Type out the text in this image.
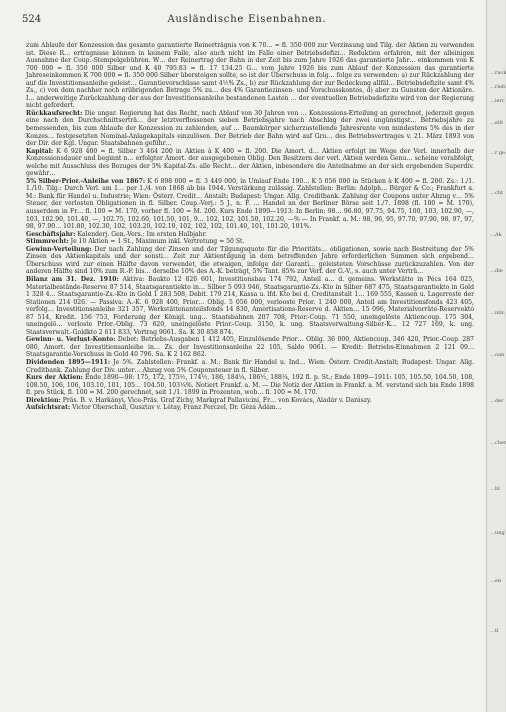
524	Ausländische Eisenbahnen.

zum Ablaufe der Konzession das gesamte garantierte Reinerträgnis von K 70… = fl. 350 000 zur Verzinsung und Tilg. der Aktien zu verwenden ist. Diese R… ertragnisse können in keinem Falle, also auch nicht im Falle einer Betriebsdefizi… Reduktion erfahren, mit der alleinigen Ausnahme der Coup.-Stempelgebühren. W… der Reinertrag der Bahn in der Zeit bis zum Jahre 1926 das garantierte Jahr… einkommen von K 700 000 = fl. 350 000 Silber und K 40 795.83 = fl. 17 134.25 G… vom Jahre 1926 bis zum Ablauf der Konzession das garantierte Jahreseinkommen K 700 000 = fl. 350 000 Silber übersteigen sollte, so ist der Überschuss in folg… folge zu verwenden: a) zur Rückzahlung der auf die Investitionsanleihe geleist… Garantievorschüsse samt 4½% Zs., b) zur Rückzahlung der zur Bedeckung allfäl… Betriebsdefizite samt 4% Zs., c) von dem nachher noch erübrigenden Betrage 5% zu… des 4% Garantiezinsen- und Vorschusskontos, d) aber zu Gunsten der Aktionäre. I… anderweitige Zurückzahlung der aus der Investitionsanleihe bestandenen Lasten … der eventuellen Betriebsdefizite wird von der Regierung nicht gefordert.

Rückkaufsrecht: Die ungar. Regierung hat das Recht, nach Ablauf von 30 Jahren von … Konzessions-Erteilung an gerechnet, jederzeit gegen eine nach den Durchschnittserträ… der letztverflossenen sieben Betriebsjahre nach Abschlag der zwei ungünstigst… Betriebsjahre zu bemessenden, bis zum Ablaufe der Konzession zu zahlenden, auf … Baumkörper sicherzustellende Jahresrente von mindestens 5% des in der Konzes… festgesetzten Nominal-Anlagekapitals einzulösen. Der Betrieb der Bahn wird auf Gru… des Betriebsvertrages v. 21. März 1893 von der Dir. der Kgl. Ungar. Staatsbahnen geführ…

Kapital: K 6 928 400 = fl. Silber 3 464 200 in Aktien à K 400 = fl. 200. Die Amort. d… Aktien erfolgt im Wege der Verl. innerhalb der Konzessionsdauer und beginnt n… erfolgter Amort. der ausgegebenen Oblig. Den Besitzern der verl. Aktien werden Genu… scheine verabfolgt, welche mit Ausschluss des Bezuges der 5% Kapital-Zs. alle Recht… der Aktien, inbesondere die Anteilnahme an der sich ergebenden Superdiv. gewähr…

5% Silber-Prior.-Anleihe von 1867: K 6 898 000 = fl. 3 449 000, in Umlauf Ende 190… K 5 056 000 in Stücken à K 400 = fl. 200. Zs.: 1./1. 1./10. Tilg.: Durch Verl. am 1… per 1./4. von 1868 ab bis 1944. Verstärkung zulässig. Zahlstellen: Berlin: Adolph… Bürger & Co.; Frankfurt a. M.: Bank für Handel u. Industrie; Wien: Österr. Credit… Anstalt; Budapest: Ungar. Allg. Creditbank. Zahlung der Coupons unter Abzug v… 5% Steuer, der verlosten Obligationen in fl. Silber. Coup.-Verj.: 5 J., n. F. … Handel an der Berliner Börse seit 1./7. 1898 (fl. 100 = M. 170), ausserdem in Fr… fl. 100 = M. 170, vorher fl. 100 = M. 200. Kurs Ende 1899—1913: In Berlin: 98… 96.80, 97.75, 94.75, 100, 103, 102.90, —, 103, 102.90, 101.40, —, 102.75, 102.60, 101.50, 101, 9… 102, 102, 101.50, 102.20, —% — In Frankf. a. M.: 98, 96, 95, 97.70, 97.90, 98, 97, 97, 98, 97.90… 101.80, 102.30, 102, 103.20, 102.10, 102, 102, 102, 101.40, 101, 101.20, 101%.

Geschäftsjahr: Kalenderj. Gen.-Vers.: Im ersten Halbjahr.

Stimmrecht: Je 10 Aktien = 1 St., Maximum inkl. Vertretung = 50 St.

Gewinn-Verteilung: Der nach Zahlung der Zinsen und der Tilgungsquote für die Prioritäts… obligationen, sowie nach Bestreitung der 5% Zinsen des Aktienkapitals und der sonsti… Zeit zur Aktientilgung in dem betreffenden Jahre erforderlichen Summen sich ergebend… Überschuss wird zur einen Hälfte davon verwendet, die etwaigen, infolge der Garanti… geleisteten Vorschüsse zurückzuzahlen. Von der anderen Hälfte sind 10% zum R.-F. bis… derselbe 10% des A.-K. beträgt, 5% Tant. 85% zur Verf. der G.-V., s. auch unter Verträ…

Bilanz am 31. Dez. 1910: Aktiva: Baukto 12 826 601, Investitionsbau 174 792, Anteil a… d. gemeins. Werkstätte in Pécs 164 025, Materialbestände-Reserve 87 514, Staatsgarantiekto in… Silber 5 093 946, Staatsgarantie-Zs.-Kto in Silber 687 475, Staatsgarantiekto in Gold 1 328 4… Staatsgarantie-Zs.-Kto in Gold 1 283 508, Debit. 179 214, Kassa u. lfd. Kto bei d. Creditanstalt 1… 169 555, Kassen u. Lagerreste der Stationen 214 026. — Passiva: A.-K. 6 928 400, Prior… Oblig. 5 056 000, verlooste Prior. 1 240 000, Anteil am Investitionsfonds 423 405, verfolg… Investitionsanleihe 321 357, Werkstättenanteilsfonds 14 830, Amortisations-Reserve d. Aktien… 15 096, Materialvorräte-Reservekto 87 514, Kredit. 156 753, Forderung der Königl. ung… Staatsbahnen 207 708, Prior.-Coup. 71 550, uneingelöste Aktiencoup. 175 304, uneingelö… verloste Prior.-Oblig. 73 620, uneingelöste Prior.-Coup. 3150, k. ung. Staatsverwaltung-Silber-K… 12 727 169, k. ung. Staatsverwalt.-Goldkto 2 611 833, Vortrag 9061. Sa. K 30 858 874.

Gewinn- u. Verlust-Konto: Debet: Betriebs-Ausgaben 1 412 405, Einzulösende Prior… Oblig. 36 000, Aktiencoup. 346 420, Prior.-Coup. 287 080, Amort. der Investitionsanleihe in… Zs. der Investitionsanleihe 22 105, Saldo 9061. — Kredit: Betriebs-Einnahmen 2 121 09… Staatsgarantie-Vorschuss in Gold 40 796. Sa. K 2 162 862.

Dividenden 1895—1911: Je 5%. Zahlstellen: Frankf. a. M.: Bank für Handel u. Ind… Wien: Österr. Credit-Anstalt; Budapest: Ungar. Allg. Creditbank. Zahlung der Div. unter… Abzug von 5% Couponsteuer in fl. Silber.

Kurs der Aktien: Ende 1890—98: 175, 172, 175½, 174½, 186, 184¼, 186½, 188¼, 192 fl. p. St.; Ende 1899—1911: 105, 105.50, 104.50, 108, 108.50, 106, 106, 103.10, 101, 105… 104.50, 103¼%. Notiert Frankf. a. M. — Die Notiz der Aktien in Frankf. a. M. verstand sich bis Ende 1898 fl. pro Stück, fl. 100 = M. 200 gerechnet, seit 1./1. 1899 in Prozenten, wob… fl. 100 = M. 170.

Direktion: Präs. B. v. Harkányi, Vice-Präs. Graf Zichy, Markgraf Pallavicini, Fr… von Kovács, Aladár v. Darászy.

Aufsichtsrat: Victor Oberschall, Gusztav v. Létay, Franz Perczel, Dr. Géza Adám…

…ruck
…rieb
…ierr
…eilt
…r ge
…cht
…Ak
…die
…ntic
…oan
…der
…cher
…hl
…ung
…en
…tl
